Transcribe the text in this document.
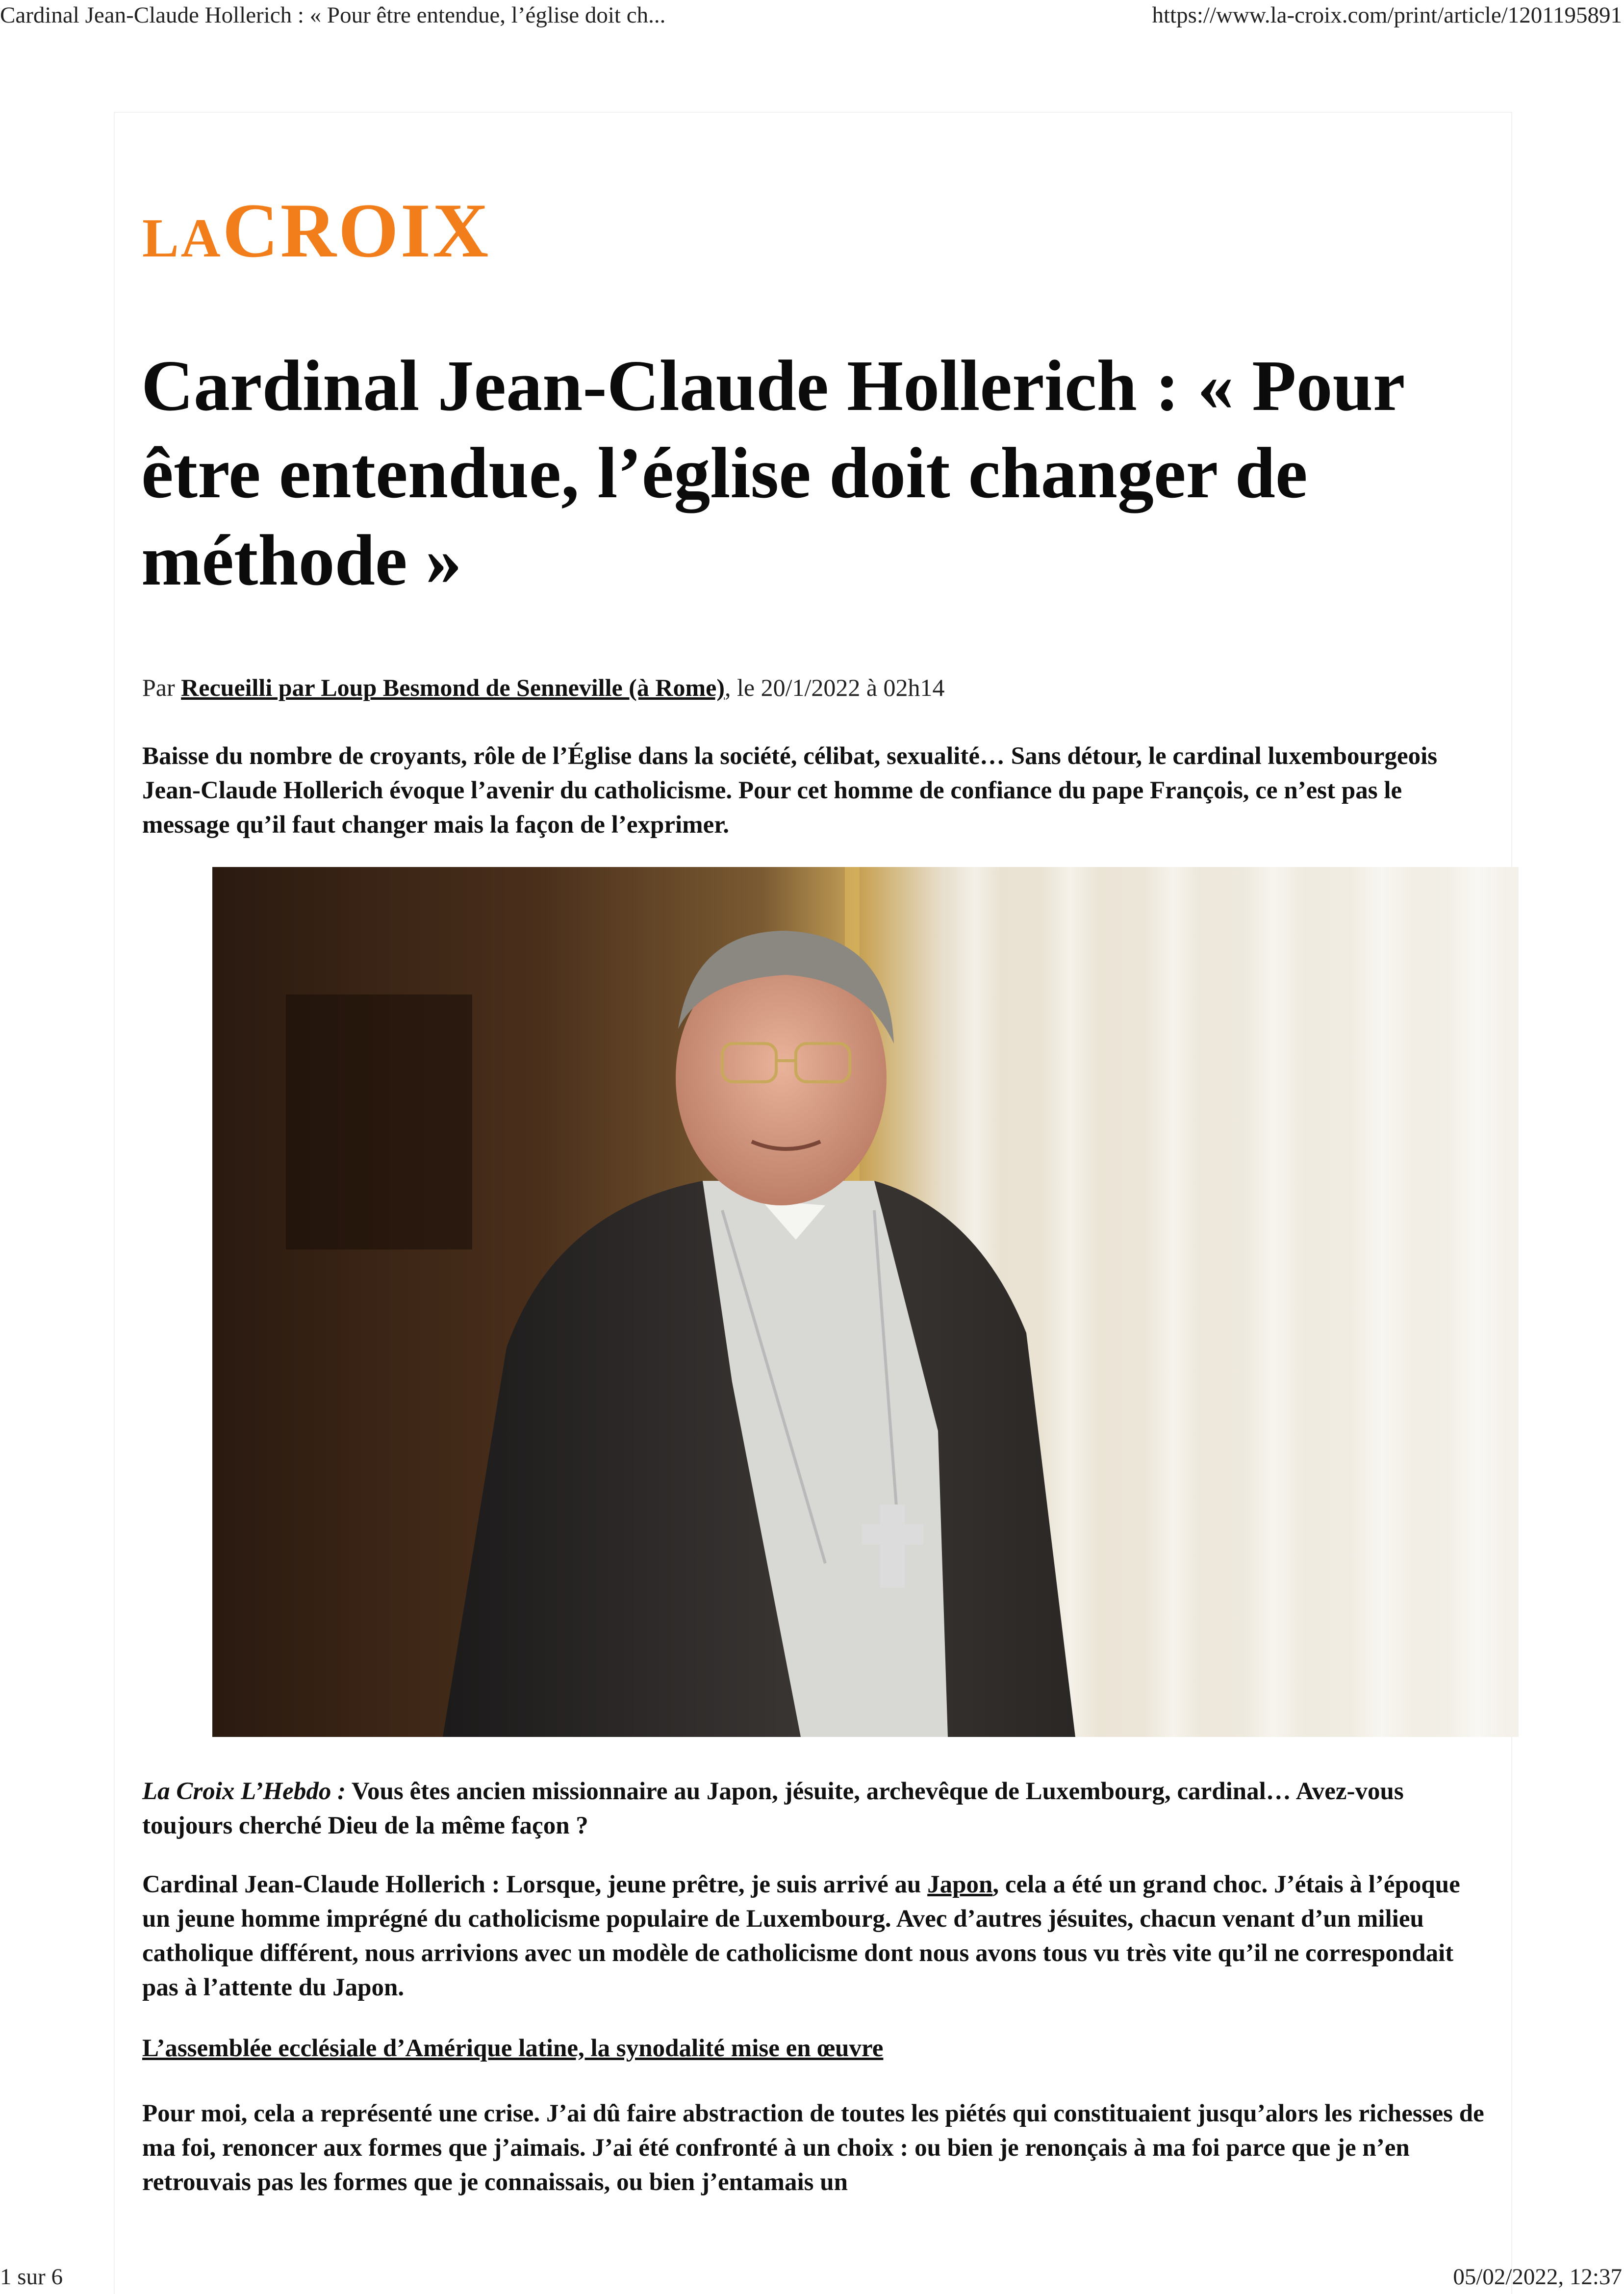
Cardinal Jean-Claude Hollerich : « Pour être entendue, l’église doit ch...	https://www.la-croix.com/print/article/1201195891
LACROIX
Cardinal Jean-Claude Hollerich : « Pour être entendue, l’église doit changer de méthode »

Par Recueilli par Loup Besmond de Senneville (à Rome), le 20/1/2022 à 02h14

Baisse du nombre de croyants, rôle de l’Église dans la société, célibat, sexualité… Sans détour, le cardinal luxembourgeois Jean-Claude Hollerich évoque l’avenir du catholicisme. Pour cet homme de confiance du pape François, ce n’est pas le message qu’il faut changer mais la façon de l’exprimer.

La Croix L’Hebdo : Vous êtes ancien missionnaire au Japon, jésuite, archevêque de Luxembourg, cardinal… Avez-vous toujours cherché Dieu de la même façon ?

Cardinal Jean-Claude Hollerich : Lorsque, jeune prêtre, je suis arrivé au Japon, cela a été un grand choc. J’étais à l’époque un jeune homme imprégné du catholicisme populaire de Luxembourg. Avec d’autres jésuites, chacun venant d’un milieu catholique différent, nous arrivions avec un modèle de catholicisme dont nous avons tous vu très vite qu’il ne correspondait pas à l’attente du Japon.

L’assemblée ecclésiale d’Amérique latine, la synodalité mise en œuvre

Pour moi, cela a représenté une crise. J’ai dû faire abstraction de toutes les piétés qui constituaient jusqu’alors les richesses de ma foi, renoncer aux formes que j’aimais. J’ai été confronté à un choix : ou bien je renonçais à ma foi parce que je n’en retrouvais pas les formes que je connaissais, ou bien j’entamais un

1 sur 6	05/02/2022, 12:37
